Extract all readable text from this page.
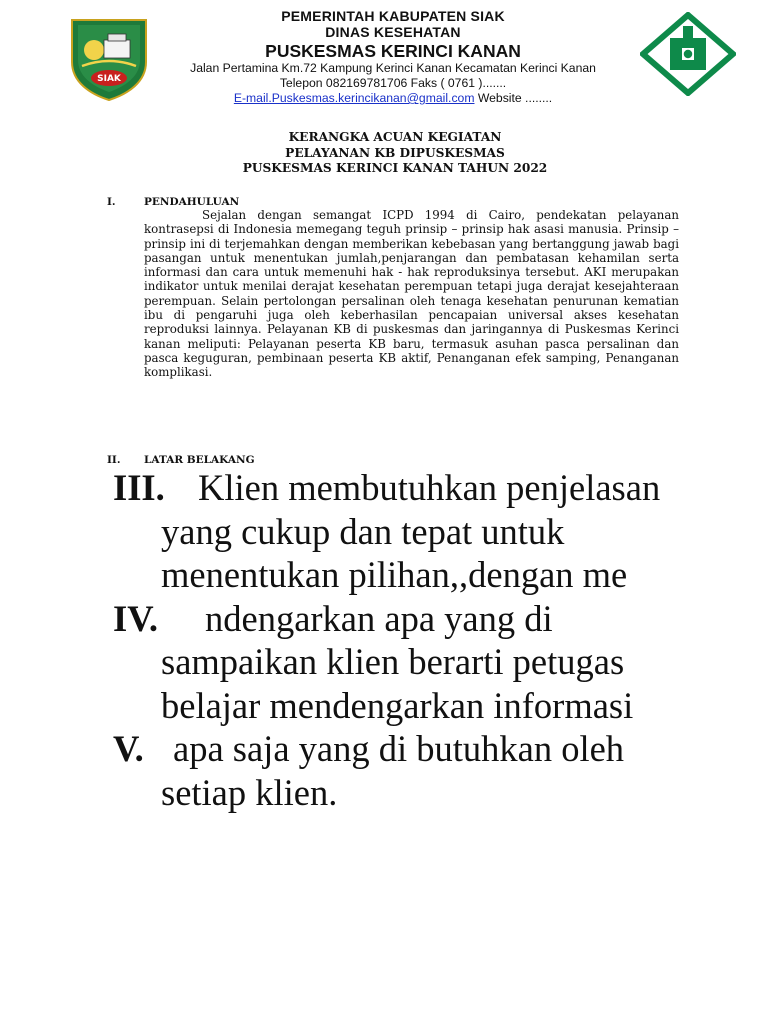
SIAK
PEMERINTAH KABUPATEN SIAK
DINAS KESEHATAN
PUSKESMAS KERINCI KANAN
Jalan Pertamina Km.72 Kampung Kerinci Kanan Kecamatan Kerinci Kanan
Telepon 082169781706 Faks ( 0761 ).......
E-mail.Puskesmas.kerincikanan@gmail.com Website ........
KERANGKA ACUAN KEGIATAN
PELAYANAN KB DIPUSKESMAS
PUSKESMAS KERINCI KANAN TAHUN 2022
I.	PENDAHULUAN

Sejalan dengan semangat ICPD 1994 di Cairo, pendekatan pelayanan kontrasepsi di Indonesia memegang teguh prinsip – prinsip hak asasi manusia. Prinsip – prinsip ini di terjemahkan dengan memberikan kebebasan yang bertanggung jawab bagi pasangan untuk menentukan jumlah,penjarangan dan pembatasan kehamilan serta informasi dan cara untuk memenuhi hak - hak reproduksinya tersebut. AKI merupakan indikator untuk menilai derajat kesehatan perempuan tetapi juga derajat kesejahteraan perempuan. Selain pertolongan persalinan oleh tenaga kesehatan penurunan kematian ibu di pengaruhi juga oleh keberhasilan pencapaian universal akses kesehatan reproduksi lainnya. Pelayanan KB di puskesmas dan jaringannya di Puskesmas Kerinci kanan meliputi: Pelayanan peserta KB baru, termasuk asuhan pasca persalinan dan pasca keguguran, pembinaan peserta KB aktif, Penanganan efek samping, Penanganan komplikasi.

II.	LATAR BELAKANG
III. Klien membutuhkan penjelasan yang cukup dan tepat untuk menentukan pilihan,,dengan me
IV.	ndengarkan apa yang di sampaikan klien berarti petugas belajar mendengarkan informasi
V. apa saja yang di butuhkan oleh setiap klien.
